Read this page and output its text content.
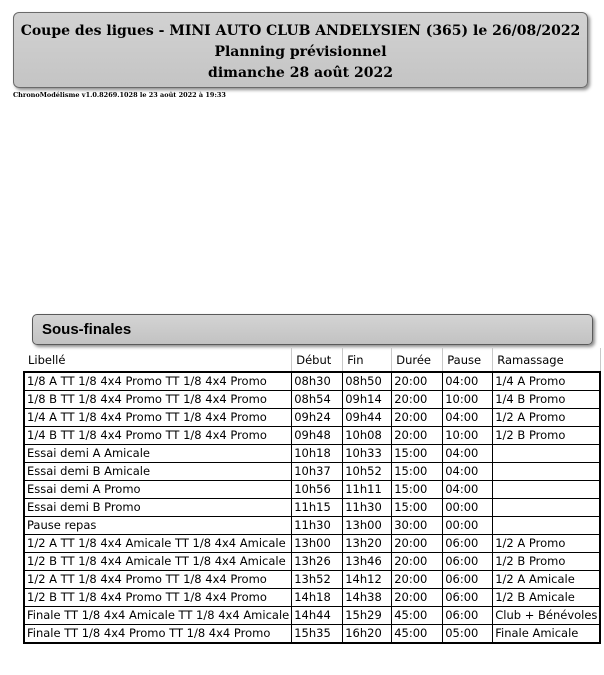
Coupe des ligues - MINI AUTO CLUB ANDELYSIEN (365) le 26/08/2022
Planning prévisionnel
dimanche 28 août 2022
ChronoModélisme v1.0.8269.1028 le 23 août 2022 à 19:33
Sous-finales
Libellé	Début	Fin	Durée	Pause	Ramassage
1/8 A TT 1/8 4x4 Promo TT 1/8 4x4 Promo	08h30	08h50	20:00	04:00	1/4 A Promo
1/8 B TT 1/8 4x4 Promo TT 1/8 4x4 Promo	08h54	09h14	20:00	10:00	1/4 B Promo
1/4 A TT 1/8 4x4 Promo TT 1/8 4x4 Promo	09h24	09h44	20:00	04:00	1/2 A Promo
1/4 B TT 1/8 4x4 Promo TT 1/8 4x4 Promo	09h48	10h08	20:00	10:00	1/2 B Promo
Essai demi A Amicale	10h18	10h33	15:00	04:00	
Essai demi B Amicale	10h37	10h52	15:00	04:00	
Essai demi A Promo	10h56	11h11	15:00	04:00	
Essai demi B Promo	11h15	11h30	15:00	00:00	
Pause repas	11h30	13h00	30:00	00:00	
1/2 A TT 1/8 4x4 Amicale TT 1/8 4x4 Amicale	13h00	13h20	20:00	06:00	1/2 A Promo
1/2 B TT 1/8 4x4 Amicale TT 1/8 4x4 Amicale	13h26	13h46	20:00	06:00	1/2 B Promo
1/2 A TT 1/8 4x4 Promo TT 1/8 4x4 Promo	13h52	14h12	20:00	06:00	1/2 A Amicale
1/2 B TT 1/8 4x4 Promo TT 1/8 4x4 Promo	14h18	14h38	20:00	06:00	1/2 B Amicale
Finale TT 1/8 4x4 Amicale TT 1/8 4x4 Amicale	14h44	15h29	45:00	06:00	Club + Bénévoles
Finale TT 1/8 4x4 Promo TT 1/8 4x4 Promo	15h35	16h20	45:00	05:00	Finale Amicale
